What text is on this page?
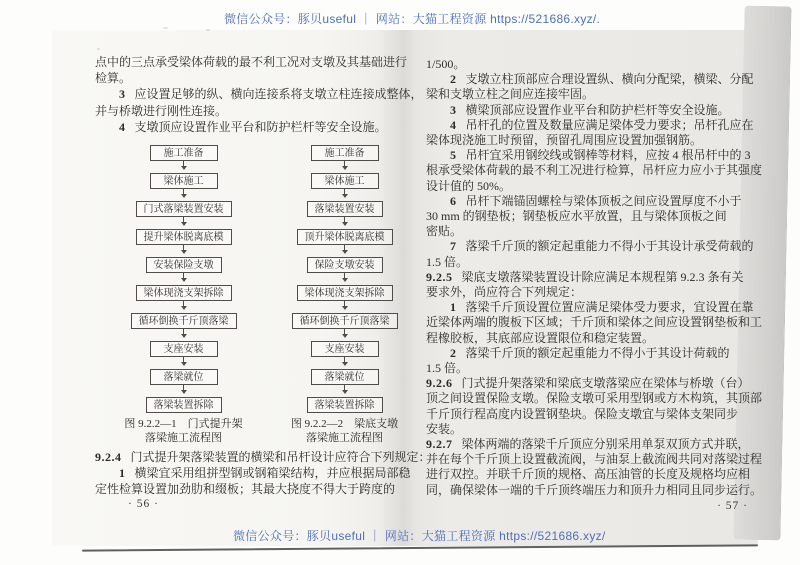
微信公众号：豚贝useful ｜ 网站：大猫工程资源 https://521686.xyz/.
微信公众号：豚贝useful ｜ 网站：大猫工程资源 https://521686.xyz/
点中的三点承受梁体荷载的最不利工况对支墩及其基础进行
检算。
3 应设置足够的纵、横向连接系将支墩立柱连接成整体，
并与桥墩进行刚性连接。
4 支墩顶应设置作业平台和防护栏杆等安全设施。
施工准备
梁体施工
门式落梁装置安装
提升梁体脱离底模
安装保险支墩
梁体现浇支架拆除
循环倒换千斤顶落梁
支座安装
落梁就位
落梁装置拆除
图 9.2.2—1　门式提升架
落梁施工流程图
施工准备
梁体施工
落梁装置安装
顶升梁体脱离底模
保险支墩安装
梁体现浇支架拆除
循环倒换千斤顶落梁
支座安装
落梁就位
落梁装置拆除
图 9.2.2—2　梁底支墩
落梁施工流程图
9.2.4 门式提升架落梁装置的横梁和吊杆设计应符合下列规定：
1 横梁宜采用组拼型钢或钢箱梁结构，并应根据局部稳
定性检算设置加劲肋和缀板；其最大挠度不得大于跨度的
· 56 ·
1/500。
2 支墩立柱顶部应合理设置纵、横向分配梁，横梁、分配
梁和支墩立柱之间应连接牢固。
3 横梁顶部应设置作业平台和防护栏杆等安全设施。
4 吊杆孔的位置及数量应满足梁体受力要求；吊杆孔应在
梁体现浇施工时预留，预留孔周围应设置加强钢筋。
5 吊杆宜采用钢绞线或钢棒等材料，应按 4 根吊杆中的 3
根承受梁体荷载的最不利工况进行检算，吊杆应力应小于其强度
设计值的 50%。
6 吊杆下端锚固螺栓与梁体顶板之间应设置厚度不小于
30 mm 的钢垫板；钢垫板应水平放置，且与梁体顶板之间
密贴。
7 落梁千斤顶的额定起重能力不得小于其设计承受荷载的
1.5 倍。
9.2.5 梁底支墩落梁装置设计除应满足本规程第 9.2.3 条有关
要求外，尚应符合下列规定：
1 落梁千斤顶设置位置应满足梁体受力要求，宜设置在靠
近梁体两端的腹板下区域；千斤顶和梁体之间应设置钢垫板和工
程橡胶板，其底部应设置限位和稳定装置。
2 落梁千斤顶的额定起重能力不得小于其设计荷载的
1.5 倍。
9.2.6 门式提升架落梁和梁底支墩落梁应在梁体与桥墩（台）
顶之间设置保险支墩。保险支墩可采用型钢或方木构筑，其顶部
千斤顶行程高度内设置钢垫块。保险支墩宜与梁体支架同步
安装。
9.2.7 梁体两端的落梁千斤顶应分别采用单泵双顶方式并联，
并在每个千斤顶上设置截流阀，与油泵上截流阀共同对落梁过程
进行双控。并联千斤顶的规格、高压油管的长度及规格均应相
同，确保梁体一端的千斤顶终端压力和顶升力相同且同步运行。
· 57 ·
